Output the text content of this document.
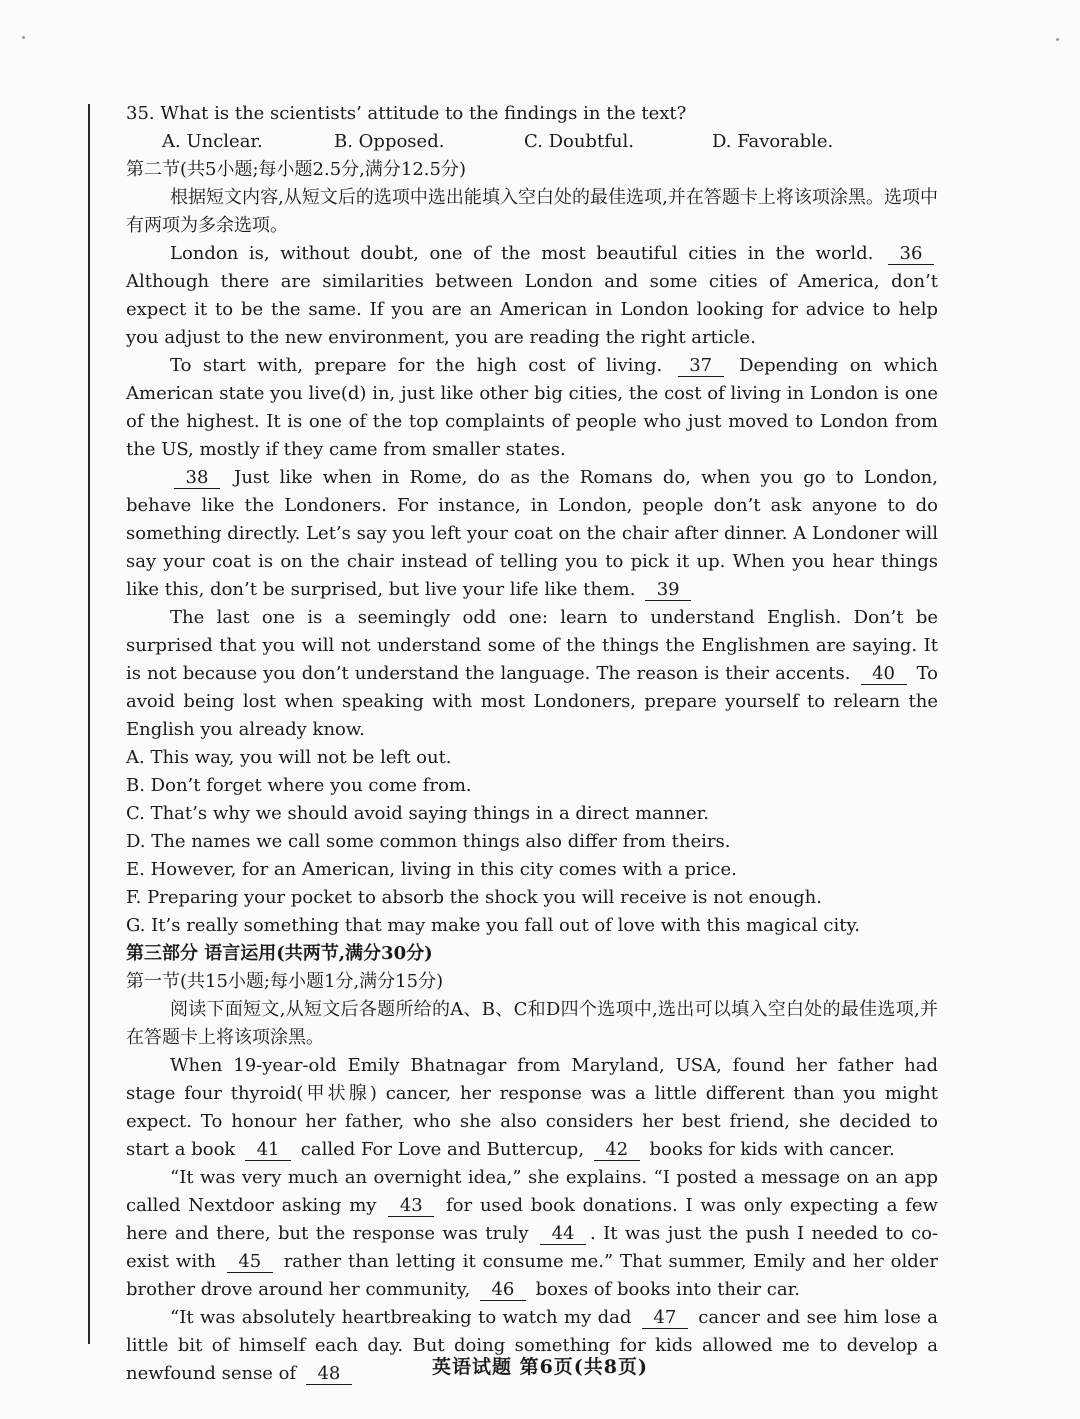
35. What is the scientists’ attitude to the findings in the text?
A. Unclear.	B. Opposed.	C. Doubtful.	D. Favorable.
第二节(共5小题;每小题2.5分,满分12.5分)
根据短文内容,从短文后的选项中选出能填入空白处的最佳选项,并在答题卡上将该项涂黑。选项中有两项为多余选项。
London is, without doubt, one of the most beautiful cities in the world. 36 Although there are similarities between London and some cities of America, don’t expect it to be the same. If you are an American in London looking for advice to help you adjust to the new environment, you are reading the right article.
To start with, prepare for the high cost of living. 37 Depending on which American state you live(d) in, just like other big cities, the cost of living in London is one of the highest. It is one of the top complaints of people who just moved to London from the US, mostly if they came from smaller states.
38 Just like when in Rome, do as the Romans do, when you go to London, behave like the Londoners. For instance, in London, people don’t ask anyone to do something directly. Let’s say you left your coat on the chair after dinner. A Londoner will say your coat is on the chair instead of telling you to pick it up. When you hear things like this, don’t be surprised, but live your life like them. 39
The last one is a seemingly odd one: learn to understand English. Don’t be surprised that you will not understand some of the things the Englishmen are saying. It is not because you don’t understand the language. The reason is their accents. 40 To avoid being lost when speaking with most Londoners, prepare yourself to relearn the English you already know.
A. This way, you will not be left out.
B. Don’t forget where you come from.
C. That’s why we should avoid saying things in a direct manner.
D. The names we call some common things also differ from theirs.
E. However, for an American, living in this city comes with a price.
F. Preparing your pocket to absorb the shock you will receive is not enough.
G. It’s really something that may make you fall out of love with this magical city.
第三部分 语言运用(共两节,满分30分)
第一节(共15小题;每小题1分,满分15分)
阅读下面短文,从短文后各题所给的A、B、C和D四个选项中,选出可以填入空白处的最佳选项,并在答题卡上将该项涂黑。
When 19-year-old Emily Bhatnagar from Maryland, USA, found her father had stage four thyroid(甲状腺) cancer, her response was a little different than you might expect. To honour her father, who she also considers her best friend, she decided to start a book 41 called For Love and Buttercup, 42 books for kids with cancer.
“It was very much an overnight idea,” she explains. “I posted a message on an app called Nextdoor asking my 43 for used book donations. I was only expecting a few here and there, but the response was truly 44 . It was just the push I needed to co-exist with 45 rather than letting it consume me.” That summer, Emily and her older brother drove around her community, 46 boxes of books into their car.
“It was absolutely heartbreaking to watch my dad 47 cancer and see him lose a little bit of himself each day. But doing something for kids allowed me to develop a newfound sense of 48	英语试题 第6页(共8页)
